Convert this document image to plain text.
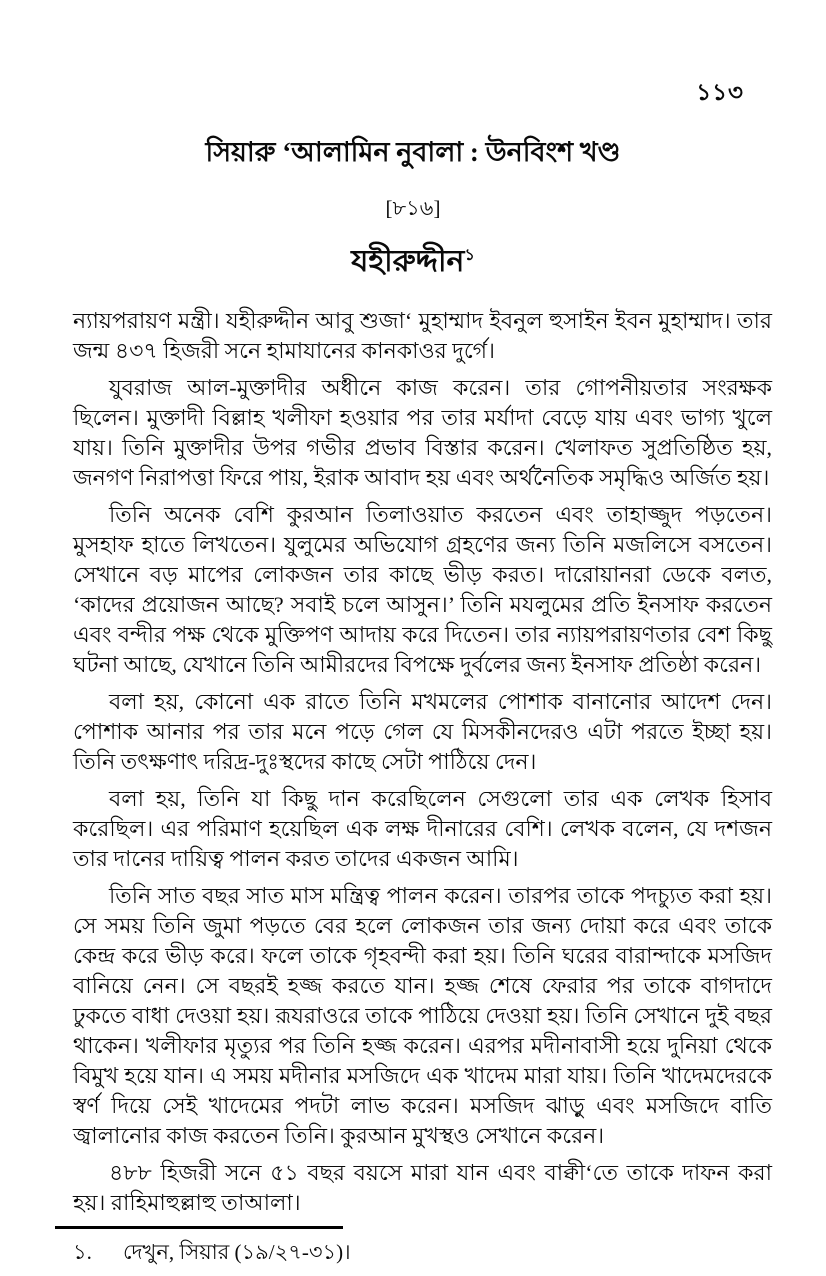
১১৩
সিয়ারু ‘আলামিন নুবালা : উনবিংশ খণ্ড
[৮১৬]
যহীরুদ্দীন$^১$

ন্যায়পরায়ণ মন্ত্রী। যহীরুদ্দীন আবু শুজা‘ মুহাম্মাদ ইবনুল হুসাইন ইবন মুহাম্মাদ। তার জন্ম ৪৩৭ হিজরী সনে হামাযানের কানকাওর দুর্গে।

যুবরাজ আল-মুক্তাদীর অধীনে কাজ করেন। তার গোপনীয়তার সংরক্ষক ছিলেন। মুক্তাদী বিল্লাহ খলীফা হওয়ার পর তার মর্যাদা বেড়ে যায় এবং ভাগ্য খুলে যায়। তিনি মুক্তাদীর উপর গভীর প্রভাব বিস্তার করেন। খেলাফত সুপ্রতিষ্ঠিত হয়, জনগণ নিরাপত্তা ফিরে পায়, ইরাক আবাদ হয় এবং অর্থনৈতিক সমৃদ্ধিও অর্জিত হয়।

তিনি অনেক বেশি কুরআন তিলাওয়াত করতেন এবং তাহাজ্জুদ পড়তেন। মুসহাফ হাতে লিখতেন। যুলুমের অভিযোগ গ্রহণের জন্য তিনি মজলিসে বসতেন। সেখানে বড় মাপের লোকজন তার কাছে ভীড় করত। দারোয়ানরা ডেকে বলত, ‘কাদের প্রয়োজন আছে? সবাই চলে আসুন।’ তিনি মযলুমের প্রতি ইনসাফ করতেন এবং বন্দীর পক্ষ থেকে মুক্তিপণ আদায় করে দিতেন। তার ন্যায়পরায়ণতার বেশ কিছু ঘটনা আছে, যেখানে তিনি আমীরদের বিপক্ষে দুর্বলের জন্য ইনসাফ প্রতিষ্ঠা করেন।

বলা হয়, কোনো এক রাতে তিনি মখমলের পোশাক বানানোর আদেশ দেন। পোশাক আনার পর তার মনে পড়ে গেল যে মিসকীনদেরও এটা পরতে ইচ্ছা হয়। তিনি তৎক্ষণাৎ দরিদ্র-দুঃস্থদের কাছে সেটা পাঠিয়ে দেন।

বলা হয়, তিনি যা কিছু দান করেছিলেন সেগুলো তার এক লেখক হিসাব করেছিল। এর পরিমাণ হয়েছিল এক লক্ষ দীনারের বেশি। লেখক বলেন, যে দশজন তার দানের দায়িত্ব পালন করত তাদের একজন আমি।

তিনি সাত বছর সাত মাস মন্ত্রিত্ব পালন করেন। তারপর তাকে পদচ্যুত করা হয়। সে সময় তিনি জুমা পড়তে বের হলে লোকজন তার জন্য দোয়া করে এবং তাকে কেন্দ্র করে ভীড় করে। ফলে তাকে গৃহবন্দী করা হয়। তিনি ঘরের বারান্দাকে মসজিদ বানিয়ে নেন। সে বছরই হজ্জ করতে যান। হজ্জ শেষে ফেরার পর তাকে বাগদাদে ঢুকতে বাধা দেওয়া হয়। রূযরাওরে তাকে পাঠিয়ে দেওয়া হয়। তিনি সেখানে দুই বছর থাকেন। খলীফার মৃত্যুর পর তিনি হজ্জ করেন। এরপর মদীনাবাসী হয়ে দুনিয়া থেকে বিমুখ হয়ে যান। এ সময় মদীনার মসজিদে এক খাদেম মারা যায়। তিনি খাদেমদেরকে স্বর্ণ দিয়ে সেই খাদেমের পদটা লাভ করেন। মসজিদ ঝাড়ু এবং মসজিদে বাতি জ্বালানোর কাজ করতেন তিনি। কুরআন মুখস্থও সেখানে করেন।

৪৮৮ হিজরী সনে ৫১ বছর বয়সে মারা যান এবং বাক্বী‘তে তাকে দাফন করা হয়। রাহিমাহুল্লাহু তাআলা।

১.	দেখুন, সিয়ার (১৯/২৭-৩১)।
